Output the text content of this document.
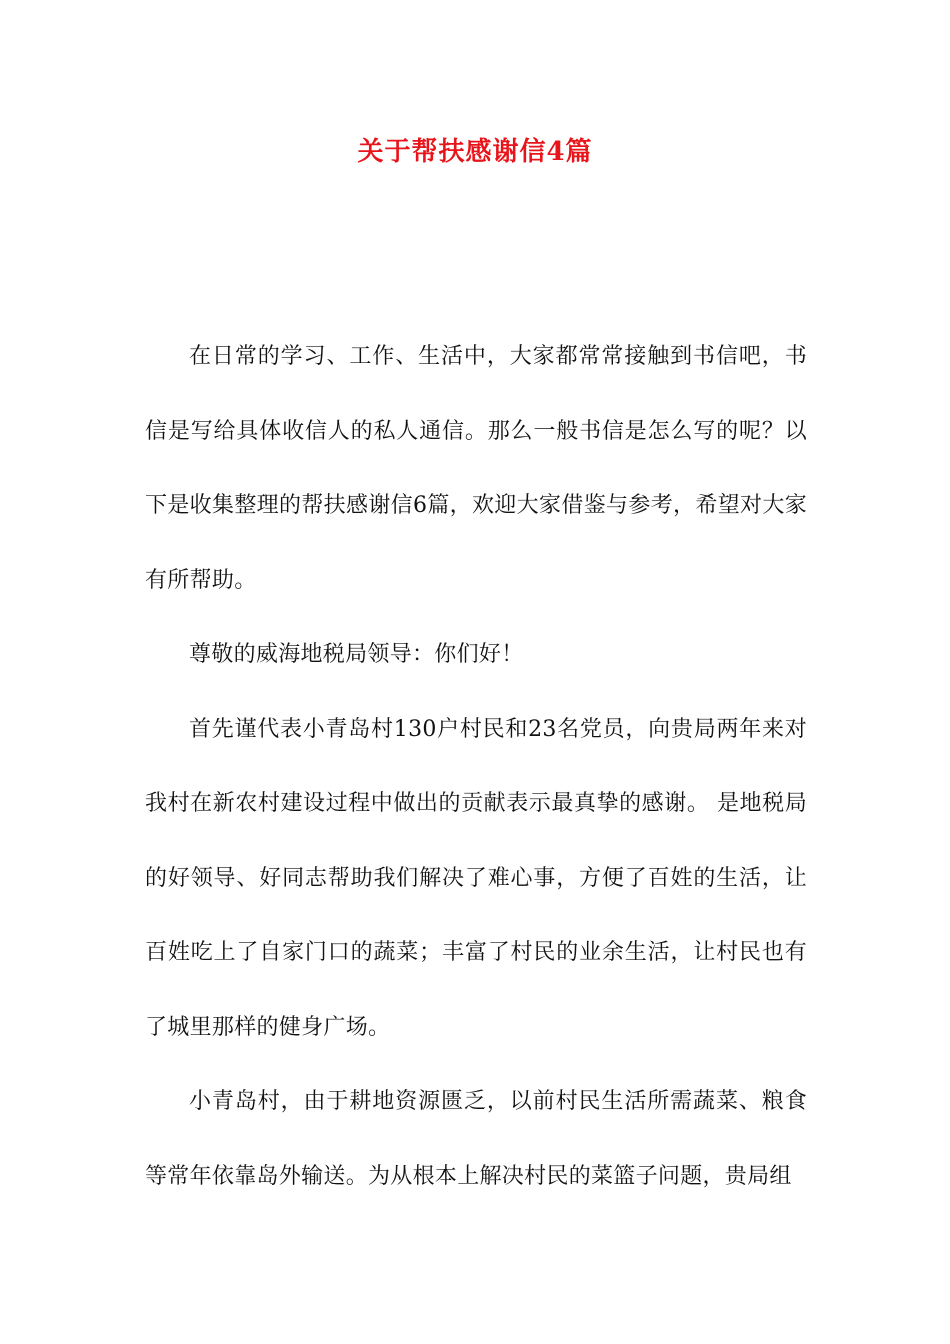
关于帮扶感谢信4篇

在日常的学习、工作、生活中，大家都常常接触到书信吧，书信是写给具体收信人的私人通信。那么一般书信是怎么写的呢？以下是收集整理的帮扶感谢信6篇，欢迎大家借鉴与参考，希望对大家有所帮助。

尊敬的威海地税局领导：你们好！

首先谨代表小青岛村130户村民和23名党员，向贵局两年来对我村在新农村建设过程中做出的贡献表示最真挚的感谢。 是地税局的好领导、好同志帮助我们解决了难心事，方便了百姓的生活，让百姓吃上了自家门口的蔬菜；丰富了村民的业余生活，让村民也有了城里那样的健身广场。

小青岛村，由于耕地资源匮乏，以前村民生活所需蔬菜、粮食等常年依靠岛外输送。为从根本上解决村民的菜篮子问题，贵局组
